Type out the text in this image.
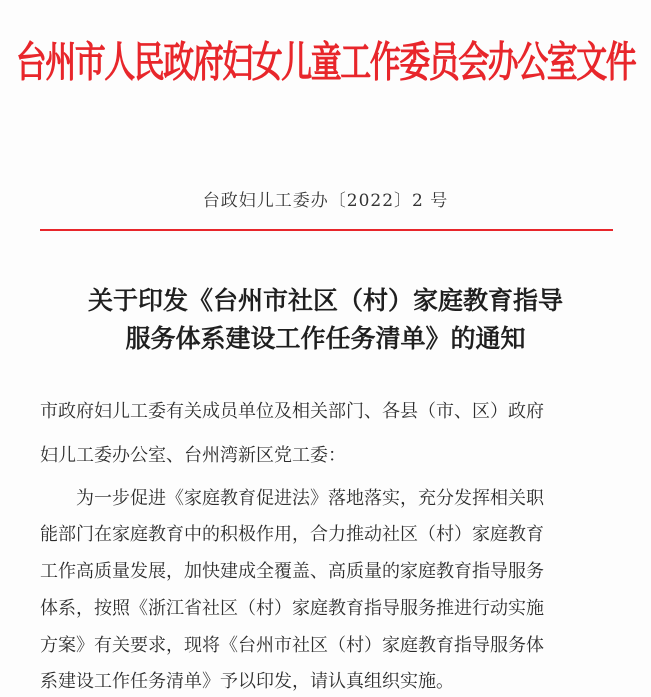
台州市人民政府妇女儿童工作委员会办公室文件
台政妇儿工委办〔2022〕2 号
关于印发《台州市社区（村）家庭教育指导
服务体系建设工作任务清单》的通知
市政府妇儿工委有关成员单位及相关部门、各县（市、区）政府
妇儿工委办公室、台州湾新区党工委：
　　为一步促进《家庭教育促进法》落地落实，充分发挥相关职
能部门在家庭教育中的积极作用，合力推动社区（村）家庭教育
工作高质量发展，加快建成全覆盖、高质量的家庭教育指导服务
体系，按照《浙江省社区（村）家庭教育指导服务推进行动实施
方案》有关要求，现将《台州市社区（村）家庭教育指导服务体
系建设工作任务清单》予以印发，请认真组织实施。
